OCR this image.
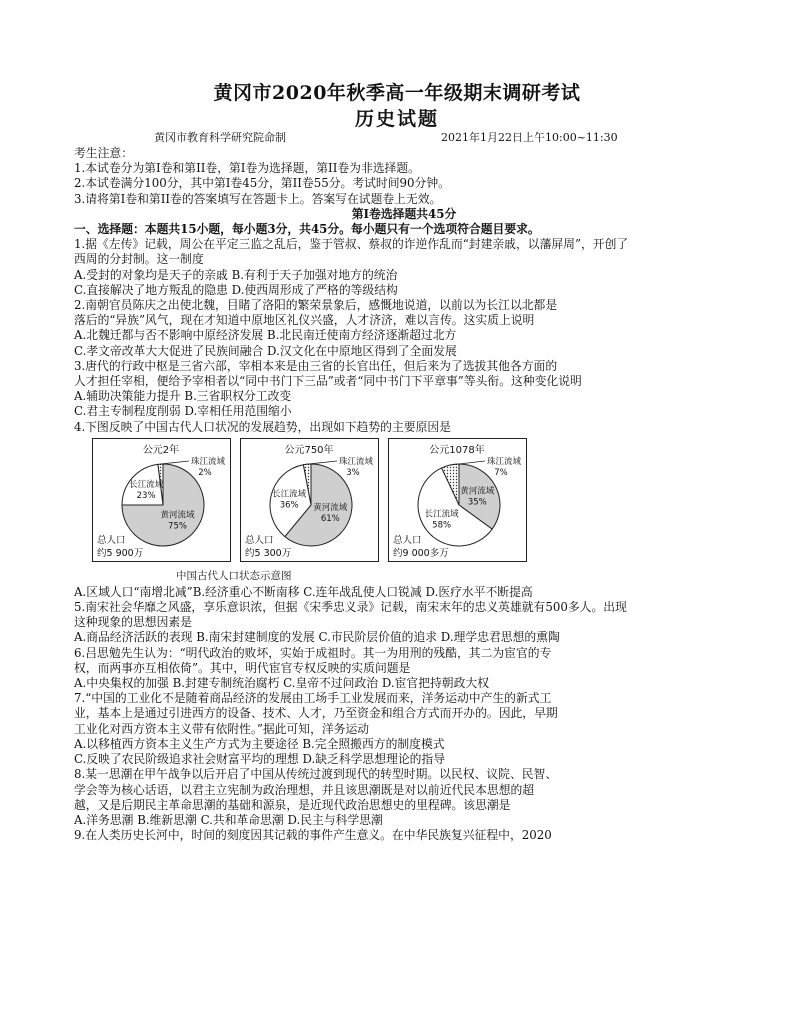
黄冈市2020年秋季高一年级期末调研考试
历史试题
黄冈市教育科学研究院命制	2021年1月22日上午10:00~11:30
考生注意：
1.本试卷分为第I卷和第II卷，第I卷为选择题，第II卷为非选择题。
2.本试卷满分100分，其中第I卷45分，第II卷55分。考试时间90分钟。
3.请将第I卷和第II卷的答案填写在答题卡上。答案写在试题卷上无效。
第I卷选择题共45分
一、选择题：本题共15小题，每小题3分，共45分。每小题只有一个选项符合题目要求。
1.据《左传》记载，周公在平定三监之乱后，鉴于管叔、蔡叔的诈逆作乱而“封建亲戚，以藩屏周”，开创了
西周的分封制。这一制度
A.受封的对象均是天子的亲戚 B.有利于天子加强对地方的统治
C.直接解决了地方叛乱的隐患 D.使西周形成了严格的等级结构
2.南朝官员陈庆之出使北魏，目睹了洛阳的繁荣景象后，感慨地说道，以前以为长江以北都是
落后的“异族”风气，现在才知道中原地区礼仪兴盛，人才济济，难以言传。这实质上说明
A.北魏迁都与否不影响中原经济发展 B.北民南迁使南方经济逐渐超过北方
C.孝文帝改革大大促进了民族间融合 D.汉文化在中原地区得到了全面发展
3.唐代的行政中枢是三省六部，宰相本来是由三省的长官出任，但后来为了选拔其他各方面的
人才担任宰相，便给予宰相者以“同中书门下三品”或者“同中书门下平章事”等头衔。这种变化说明
A.辅助决策能力提升 B.三省职权分工改变
C.君主专制程度削弱 D.宰相任用范围缩小
4.下图反映了中国古代人口状况的发展趋势，出现如下趋势的主要原因是
公元2年
黄河流域
75%
长江流域
23%
珠江流域
2%
总人口
约5 900万
公元750年
黄河流域
61%
长江流域
36%
珠江流域
3%
总人口
约5 300万
公元1078年
黄河流域
35%
长江流域
58%
珠江流域
7%
总人口
约9 000多万
中国古代人口状态示意图
A.区域人口“南增北减”B.经济重心不断南移 C.连年战乱使人口锐减 D.医疗水平不断提高
5.南宋社会华靡之风盛，享乐意识浓，但据《宋季忠义录》记载，南宋末年的忠义英雄就有500多人。出现
这种现象的思想因素是
A.商品经济活跃的表现 B.南宋封建制度的发展 C.市民阶层价值的追求 D.理学忠君思想的熏陶
6.吕思勉先生认为：“明代政治的败坏，实始于成祖时。其一为用刑的残酷，其二为宦官的专
权，而两事亦互相依倚”。其中，明代宦官专权反映的实质问题是
A.中央集权的加强 B.封建专制统治腐朽 C.皇帝不过问政治 D.宦官把持朝政大权
7.“中国的工业化不是随着商品经济的发展由工场手工业发展而来，洋务运动中产生的新式工
业，基本上是通过引进西方的设备、技术、人才，乃至资金和组合方式而开办的。因此，早期
工业化对西方资本主义带有依附性。”据此可知，洋务运动
A.以移植西方资本主义生产方式为主要途径 B.完全照搬西方的制度模式
C.反映了农民阶级追求社会财富平均的理想 D.缺乏科学思想理论的指导
8.某一思潮在甲午战争以后开启了中国从传统过渡到现代的转型时期。以民权、议院、民智、
学会等为核心话语，以君主立宪制为政治理想，并且该思潮既是对以前近代民本思想的超
越，又是后期民主革命思潮的基础和源泉，是近现代政治思想史的里程碑。该思潮是
A.洋务思潮 B.维新思潮 C.共和革命思潮 D.民主与科学思潮
9.在人类历史长河中，时间的刻度因其记载的事件产生意义。在中华民族复兴征程中，2020
